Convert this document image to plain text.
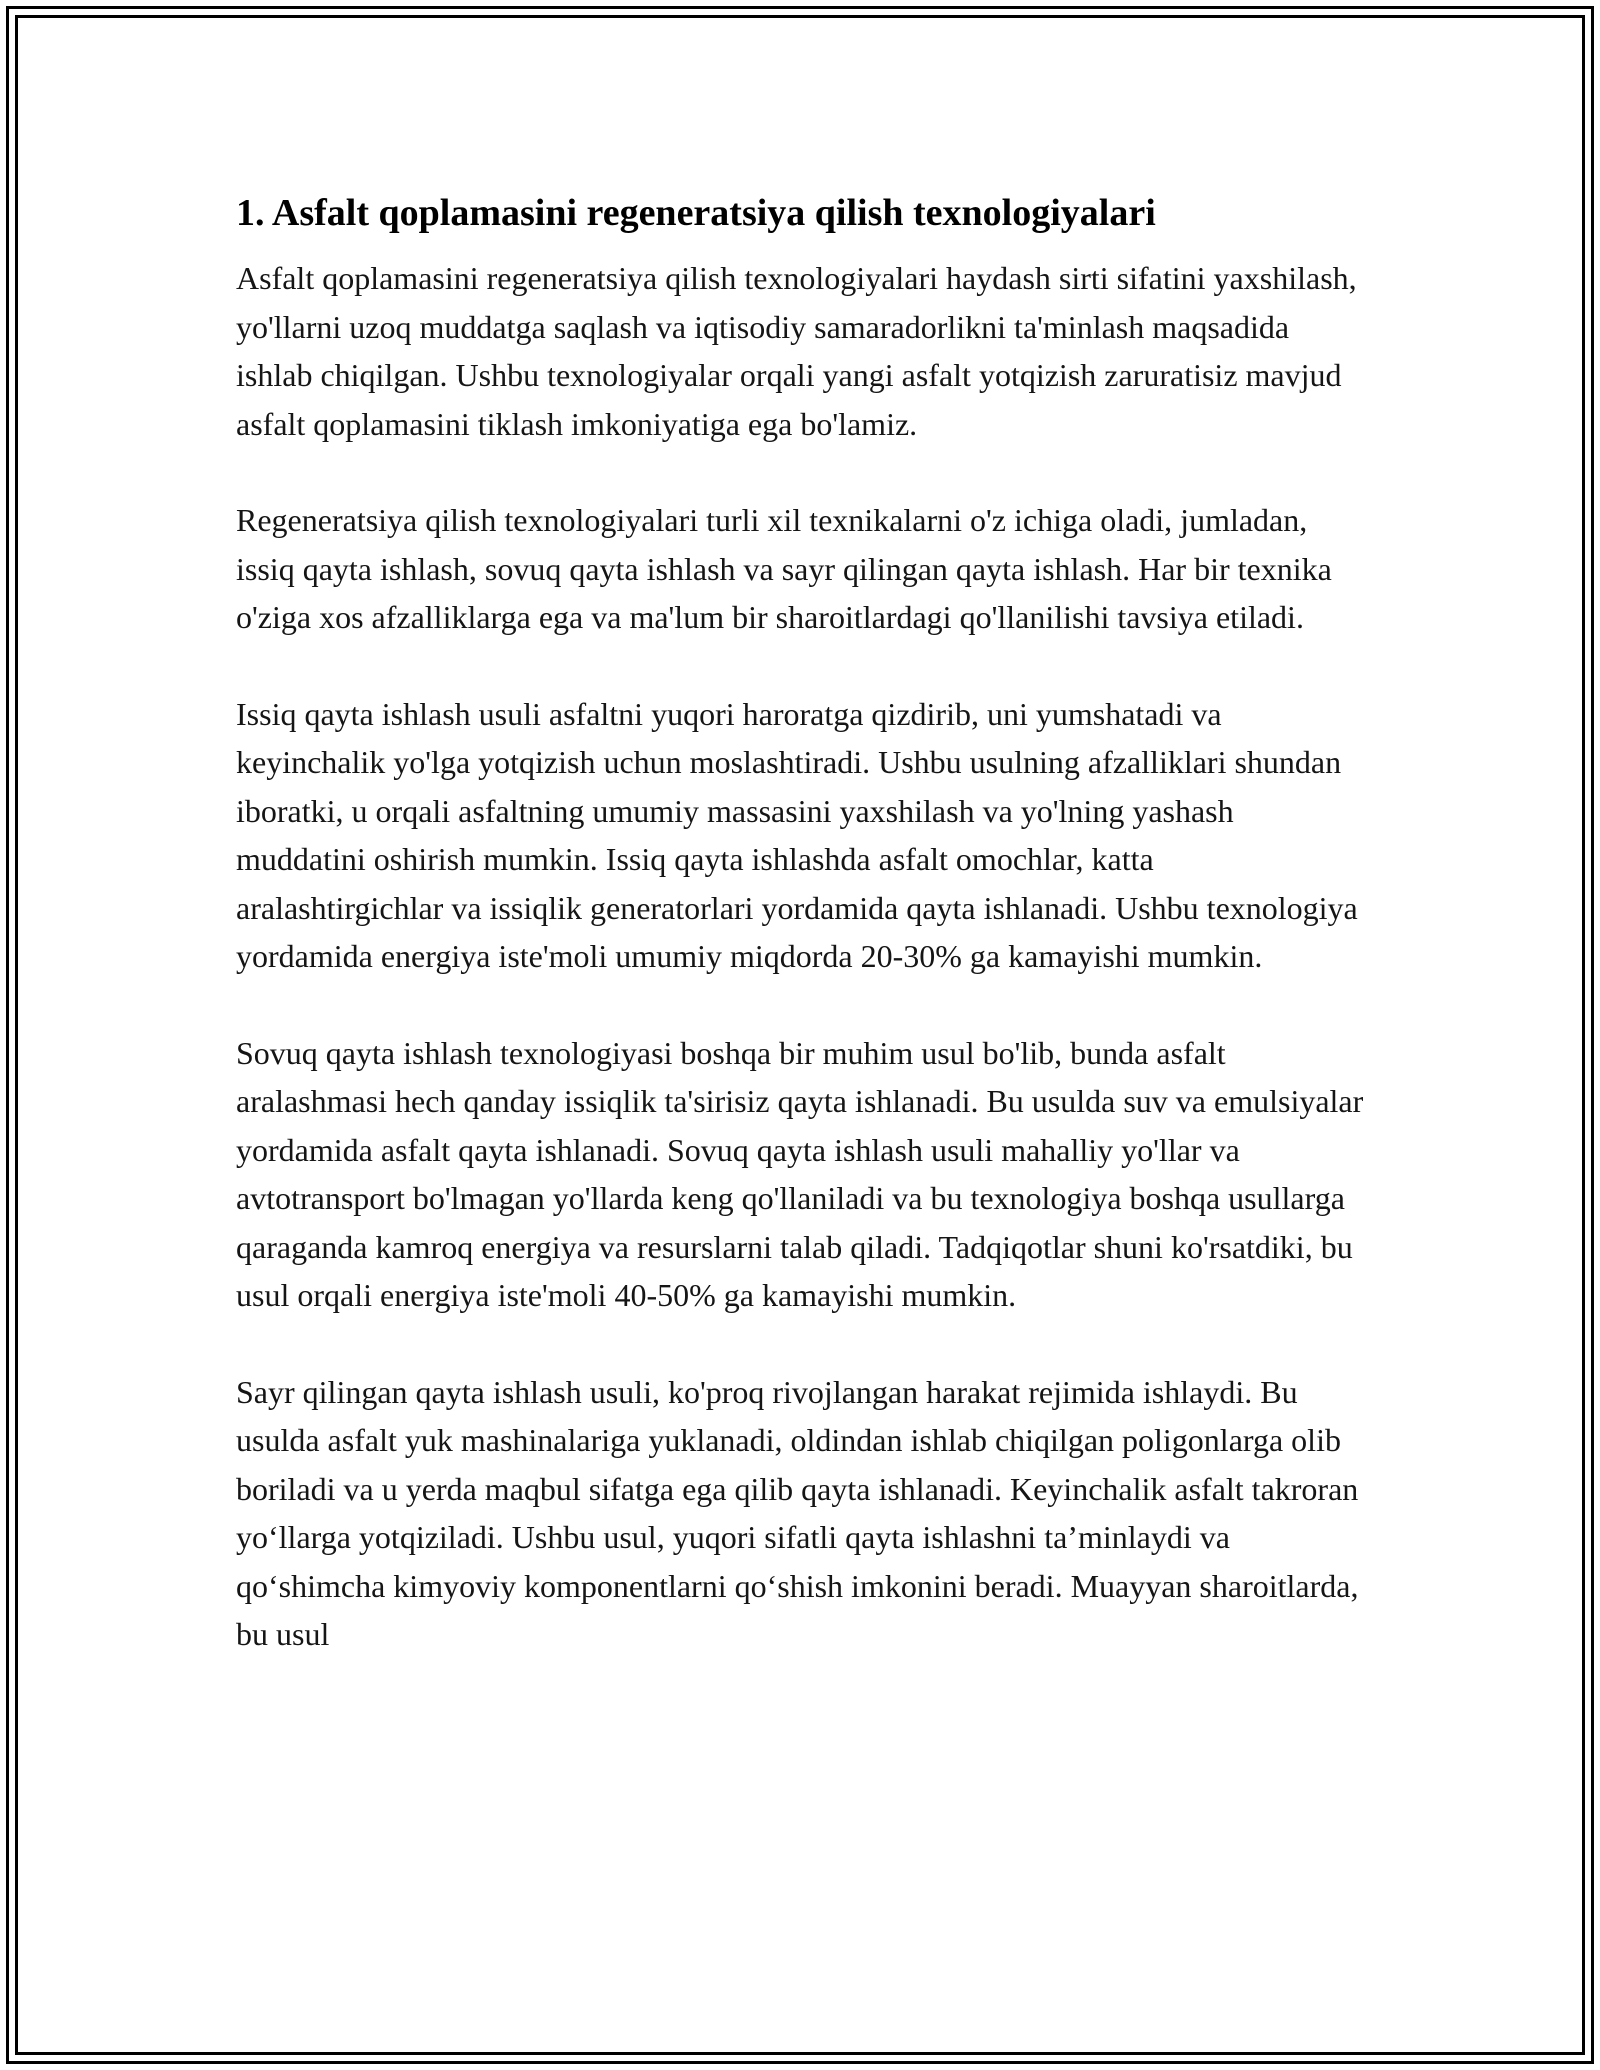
1. Asfalt qoplamasini regeneratsiya qilish texnologiyalari

Asfalt qoplamasini regeneratsiya qilish texnologiyalari haydash sirti sifatini yaxshilash, yo'llarni uzoq muddatga saqlash va iqtisodiy samaradorlikni ta'minlash maqsadida ishlab chiqilgan. Ushbu texnologiyalar orqali yangi asfalt yotqizish zaruratisiz mavjud asfalt qoplamasini tiklash imkoniyatiga ega bo'lamiz.

Regeneratsiya qilish texnologiyalari turli xil texnikalarni o'z ichiga oladi, jumladan, issiq qayta ishlash, sovuq qayta ishlash va sayr qilingan qayta ishlash. Har bir texnika o'ziga xos afzalliklarga ega va ma'lum bir sharoitlardagi qo'llanilishi tavsiya etiladi.

Issiq qayta ishlash usuli asfaltni yuqori haroratga qizdirib, uni yumshatadi va keyinchalik yo'lga yotqizish uchun moslashtiradi. Ushbu usulning afzalliklari shundan iboratki, u orqali asfaltning umumiy massasini yaxshilash va yo'lning yashash muddatini oshirish mumkin. Issiq qayta ishlashda asfalt omochlar, katta aralashtirgichlar va issiqlik generatorlari yordamida qayta ishlanadi. Ushbu texnologiya yordamida energiya iste'moli umumiy miqdorda 20-30% ga kamayishi mumkin.

Sovuq qayta ishlash texnologiyasi boshqa bir muhim usul bo'lib, bunda asfalt aralashmasi hech qanday issiqlik ta'sirisiz qayta ishlanadi. Bu usulda suv va emulsiyalar yordamida asfalt qayta ishlanadi. Sovuq qayta ishlash usuli mahalliy yo'llar va avtotransport bo'lmagan yo'llarda keng qo'llaniladi va bu texnologiya boshqa usullarga qaraganda kamroq energiya va resurslarni talab qiladi. Tadqiqotlar shuni ko'rsatdiki, bu usul orqali energiya iste'moli 40-50% ga kamayishi mumkin.

Sayr qilingan qayta ishlash usuli, ko'proq rivojlangan harakat rejimida ishlaydi. Bu usulda asfalt yuk mashinalariga yuklanadi, oldindan ishlab chiqilgan poligonlarga olib boriladi va u yerda maqbul sifatga ega qilib qayta ishlanadi. Keyinchalik asfalt takroran yo‘llarga yotqiziladi. Ushbu usul, yuqori sifatli qayta ishlashni ta’minlaydi va qo‘shimcha kimyoviy komponentlarni qo‘shish imkonini beradi. Muayyan sharoitlarda, bu usul
